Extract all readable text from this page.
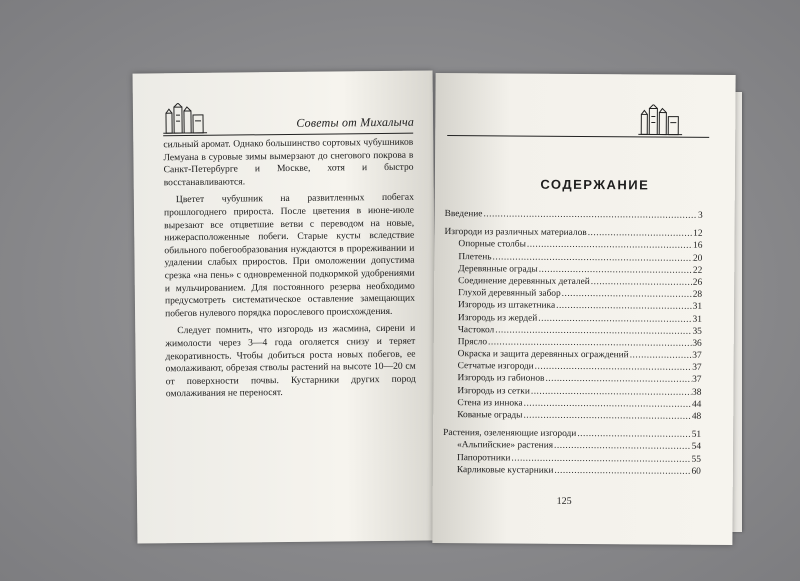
Советы от Михалыча

сильный аромат. Однако большинство сортовых чубушников Лемуана в суровые зимы вымерзают до снегового покрова в Санкт-Петербурге и Москве, хотя и быстро восстанавливаются.

Цветет чубушник на развитленных побегах прошлогоднего прироста. После цветения в июне-июле вырезают все отцветшие ветви с переводом на новые, нижерасположенные побеги. Старые кусты вследствие обильного побегообразования нуждаются в прореживании и удалении слабых приростов. При омоложении допустима срезка «на пень» с одновременной подкормкой удобрениями и мульчированием. Для постоянного резерва необходимо предусмотреть систематическое оставление замещающих побегов нулевого порядка порослевого происхождения.

Следует помнить, что изгородь из жасмина, сирени и жимолости через 3—4 года оголяется снизу и теряет декоративность. Чтобы добиться роста новых побегов, ее омолаживают, обрезая стволы растений на высоте 10—20 см от поверхности почвы. Кустарники других пород омолаживания не переносят.

СОДЕРЖАНИЕ
Введение .....	3
Изгороди из различных материалов .....	12
Опорные столбы .....	16
Плетень .....	20
Деревянные ограды .....	22
Соединение деревянных деталей .....	26
Глухой деревянный забор .....	28
Изгородь из штакетника .....	31
Изгородь из жердей .....	31
Частокол .....	35
Прясло .....	36
Окраска и защита деревянных ограждений .....	37
Сетчатые изгороди .....	37
Изгородь из габионов .....	37
Изгородь из сетки .....	38
Стена из иннока .....	44
Кованые ограды .....	48
Растения, озеленяющие изгороди .....	51
«Альпийские» растения .....	54
Папоротники .....	55
Карликовые кустарники .....	60
125
